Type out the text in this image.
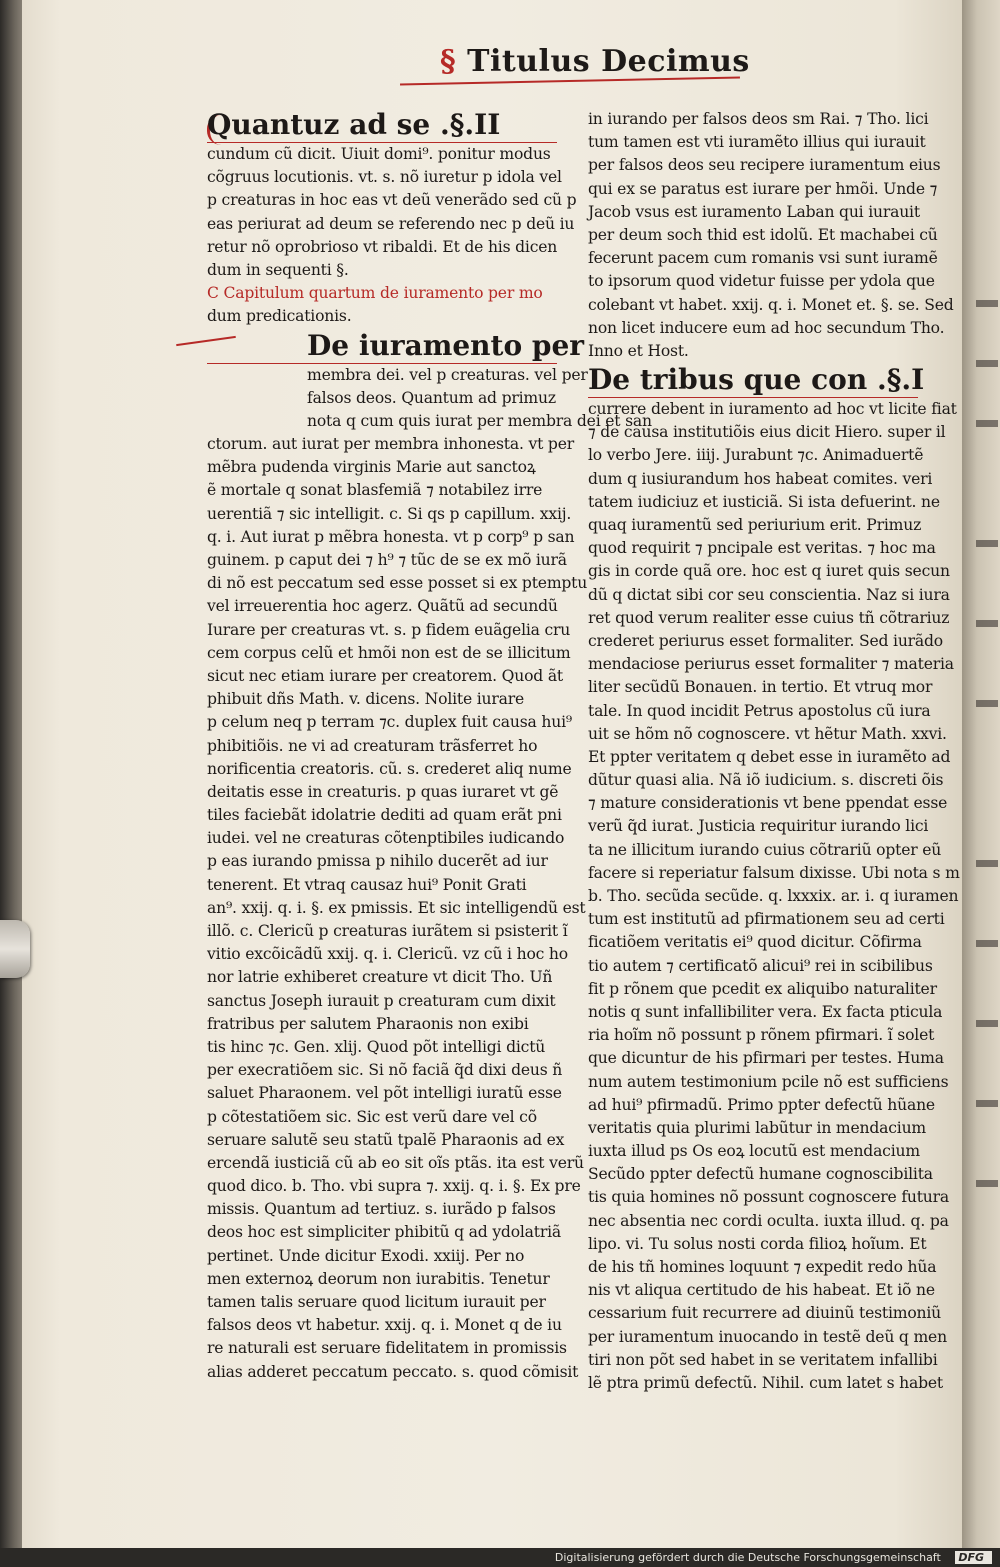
§ Titulus Decimus
Quantuz ad se .§.II
cundum cũ dicit. Uiuit domi⁹. ponitur modus
cõgruus locutionis. vt. s. nõ iuretur p idola vel
p creaturas in hoc eas vt deũ venerãdo sed cũ p
eas periurat ad deum se referendo nec p deũ iu
retur nõ oprobrioso vt ribaldi. Et de his dicen
dum in sequenti §.
C Capitulum quartum de iuramento per mo
dum predicationis.
De iuramento per
membra dei. vel p creaturas. vel per
falsos deos. Quantum ad primuz
nota q cum quis iurat per membra dei et san
ctorum. aut iurat per membra inhonesta. vt per
mẽbra pudenda virginis Marie aut sanctoꝝ
ẽ mortale q sonat blasfemiã ⁊ notabilez irre
uerentiã ⁊ sic intelligit. c. Si qs p capillum. xxij.
q. i. Aut iurat p mẽbra honesta. vt p corp⁹ p san
guinem. p caput dei ⁊ h⁹ ⁊ tũc de se ex mõ iurã
di nõ est peccatum sed esse posset si ex ptemptu
vel irreuerentia hoc agerz. Quãtũ ad secundũ
Iurare per creaturas vt. s. p fidem euãgelia cru
cem corpus celũ et hmõi non est de se illicitum
sicut nec etiam iurare per creatorem. Quod ãt
phibuit dñs Math. v. dicens. Nolite iurare
p celum neq p terram ⁊c. duplex fuit causa hui⁹
phibitiõis. ne vi ad creaturam trãsferret ho
norificentia creatoris. cũ. s. crederet aliq nume
deitatis esse in creaturis. p quas iuraret vt gẽ
tiles faciebãt idolatrie dediti ad quam erãt pni
iudei. vel ne creaturas cõtenptibiles iudicando
p eas iurando pmissa p nihilo ducerẽt ad iur
tenerent. Et vtraq causaz hui⁹ Ponit Grati
an⁹. xxij. q. i. §. ex pmissis. Et sic intelligendũ est
illõ. c. Clericũ p creaturas iurãtem si psisterit ĩ
vitio excõicãdũ xxij. q. i. Clericũ. vz cũ i hoc ho
nor latrie exhiberet creature vt dicit Tho. Uñ
sanctus Joseph iurauit p creaturam cum dixit
fratribus per salutem Pharaonis non exibi
tis hinc ⁊c. Gen. xlij. Quod põt intelligi dictũ
per execratiõem sic. Si nõ faciã q̃d dixi deus ñ
saluet Pharaonem. vel põt intelligi iuratũ esse
p cõtestatiõem sic. Sic est verũ dare vel cõ
seruare salutẽ seu statũ tpalẽ Pharaonis ad ex
ercendã iusticiã cũ ab eo sit oĩs ptãs. ita est verũ
quod dico. b. Tho. vbi supra ⁊. xxij. q. i. §. Ex pre
missis. Quantum ad tertiuz. s. iurãdo p falsos
deos hoc est simpliciter phibitũ q ad ydolatriã
pertinet. Unde dicitur Exodi. xxiij. Per no
men externoꝝ deorum non iurabitis. Tenetur
tamen talis seruare quod licitum iurauit per
falsos deos vt habetur. xxij. q. i. Monet q de iu
re naturali est seruare fidelitatem in promissis
alias adderet peccatum peccato. s. quod cõmisit
in iurando per falsos deos sm Rai. ⁊ Tho. lici
tum tamen est vti iuramẽto illius qui iurauit
per falsos deos seu recipere iuramentum eius
qui ex se paratus est iurare per hmõi. Unde ⁊
Jacob vsus est iuramento Laban qui iurauit
per deum soch thid est idolũ. Et machabei cũ
fecerunt pacem cum romanis vsi sunt iuramẽ
to ipsorum quod videtur fuisse per ydola que
colebant vt habet. xxij. q. i. Monet et. §. se. Sed
non licet inducere eum ad hoc secundum Tho.
Inno et Host.
De tribus que con .§.I
currere debent in iuramento ad hoc vt licite fiat
⁊ de causa institutiõis eius dicit Hiero. super il
lo verbo Jere. iiij. Jurabunt ⁊c. Animaduertẽ
dum q iusiurandum hos habeat comites. veri
tatem iudiciuz et iusticiã. Si ista defuerint. ne
quaq iuramentũ sed periurium erit. Primuz
quod requirit ⁊ pncipale est veritas. ⁊ hoc ma
gis in corde quã ore. hoc est q iuret quis secun
dũ q dictat sibi cor seu conscientia. Naz si iura
ret quod verum realiter esse cuius tñ cõtrariuz
crederet periurus esset formaliter. Sed iurãdo
mendaciose periurus esset formaliter ⁊ materia
liter secũdũ Bonauen. in tertio. Et vtruq mor
tale. In quod incidit Petrus apostolus cũ iura
uit se hõm nõ cognoscere. vt hẽtur Math. xxvi.
Et ppter veritatem q debet esse in iuramẽto ad
dũtur quasi alia. Nã iõ iudicium. s. discreti õis
⁊ mature considerationis vt bene ppendat esse
verũ q̃d iurat. Justicia requiritur iurando lici
ta ne illicitum iurando cuius cõtrariũ opter eũ
facere si reperiatur falsum dixisse. Ubi nota s m
b. Tho. secũda secũde. q. lxxxix. ar. i. q iuramen
tum est institutũ ad pfirmationem seu ad certi
ficatiõem veritatis ei⁹ quod dicitur. Cõfirma
tio autem ⁊ certificatõ alicui⁹ rei in scibilibus
fit p rõnem que pcedit ex aliquibo naturaliter
notis q sunt infallibiliter vera. Ex facta pticula
ria hoĩm nõ possunt p rõnem pfirmari. ĩ solet
que dicuntur de his pfirmari per testes. Huma
num autem testimonium pcile nõ est sufficiens
ad hui⁹ pfirmadũ. Primo ppter defectũ hũane
veritatis quia plurimi labũtur in mendacium
iuxta illud ps Os eoꝝ locutũ est mendacium
Secũdo ppter defectũ humane cognoscibilita
tis quia homines nõ possunt cognoscere futura
nec absentia nec cordi oculta. iuxta illud. q. pa
lipo. vi. Tu solus nosti corda filioꝝ hoĩum. Et
de his tñ homines loquunt ⁊ expedit redo hũa
nis vt aliqua certitudo de his habeat. Et iõ ne
cessarium fuit recurrere ad diuinũ testimoniũ
per iuramentum inuocando in testẽ deũ q men
tiri non põt sed habet in se veritatem infallibi
lẽ ptra primũ defectũ. Nihil. cum latet s habet
Digitalisierung gefördert durch die Deutsche Forschungsgemeinschaft DFG
